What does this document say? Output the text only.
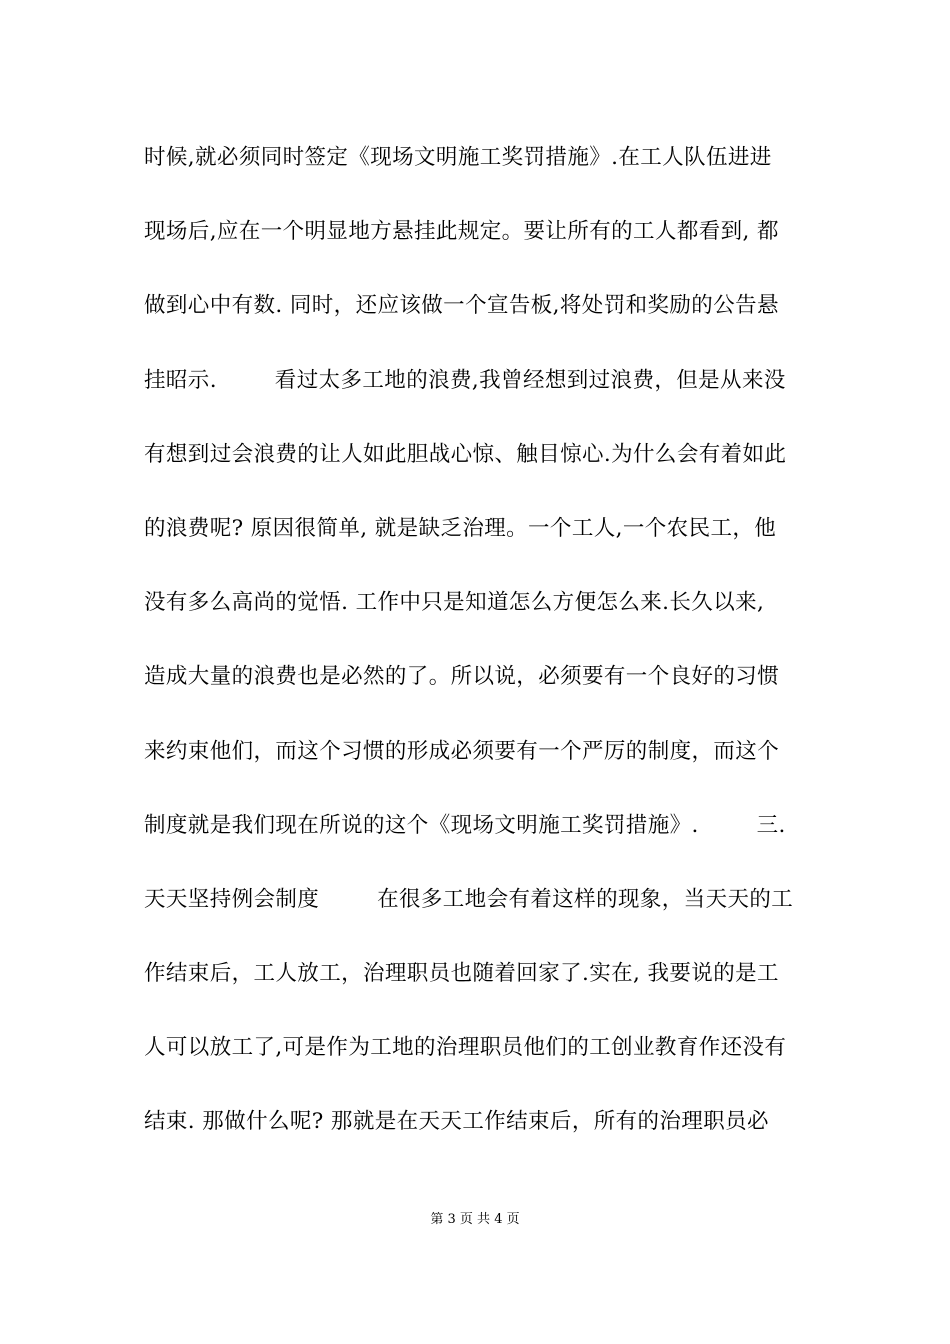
时候,就必须同时签定《现场文明施工奖罚措施》.在工人队伍进进
现场后,应在一个明显地方悬挂此规定。要让所有的工人都看到, 都
做到心中有数. 同时，还应该做一个宣告板,将处罚和奖励的公告悬
挂昭示.        看过太多工地的浪费,我曾经想到过浪费，但是从来没
有想到过会浪费的让人如此胆战心惊、触目惊心.为什么会有着如此
的浪费呢? 原因很简单, 就是缺乏治理。一个工人,一个农民工，他
没有多么高尚的觉悟. 工作中只是知道怎么方便怎么来.长久以来,
造成大量的浪费也是必然的了。所以说，必须要有一个良好的习惯
来约束他们，而这个习惯的形成必须要有一个严厉的制度，而这个
制度就是我们现在所说的这个《现场文明施工奖罚措施》.        三.
天天坚持例会制度        在很多工地会有着这样的现象，当天天的工
作结束后，工人放工，治理职员也随着回家了.实在, 我要说的是工
人可以放工了,可是作为工地的治理职员他们的工创业教育作还没有
结束. 那做什么呢? 那就是在天天工作结束后，所有的治理职员必
第 3 页 共 4 页
